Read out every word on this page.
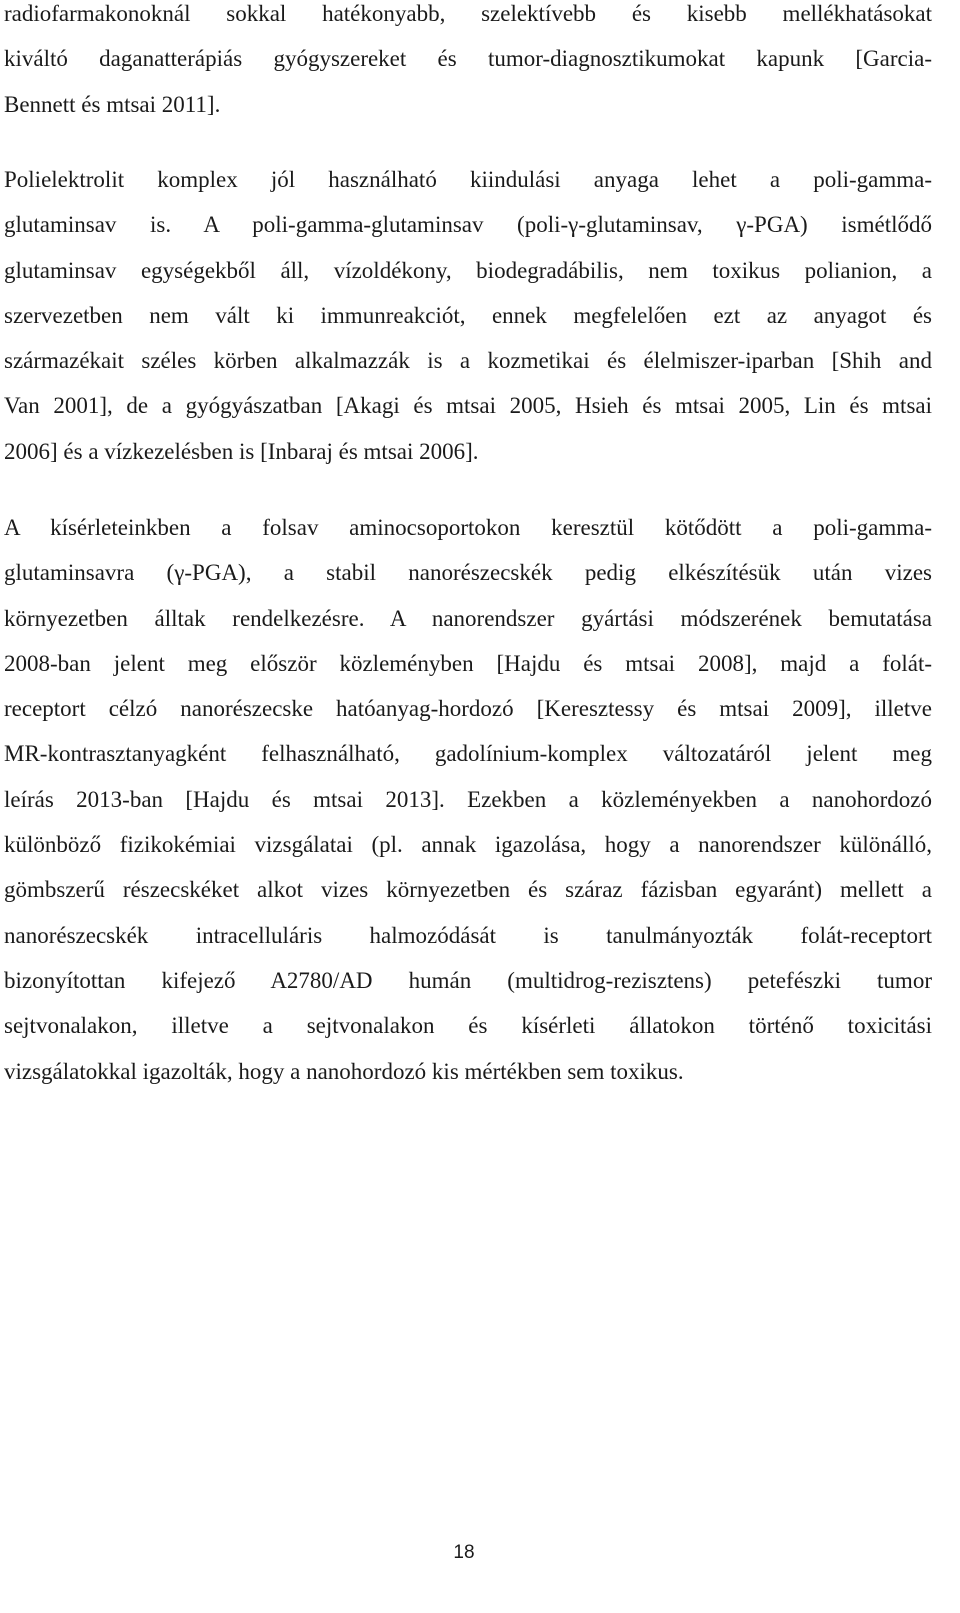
radiofarmakonoknál sokkal hatékonyabb, szelektívebb és kisebb mellékhatásokat
kiváltó daganatterápiás gyógyszereket és tumor-diagnosztikumokat kapunk [Garcia-
Bennett és mtsai 2011].
Polielektrolit komplex jól használható kiindulási anyaga lehet a poli-gamma-
glutaminsav is. A poli-gamma-glutaminsav (poli-γ-glutaminsav, γ-PGA) ismétlődő
glutaminsav egységekből áll, vízoldékony, biodegradábilis, nem toxikus polianion, a
szervezetben nem vált ki immunreakciót, ennek megfelelően ezt az anyagot és
származékait széles körben alkalmazzák is a kozmetikai és élelmiszer-iparban [Shih and
Van 2001], de a gyógyászatban [Akagi és mtsai 2005, Hsieh és mtsai 2005, Lin és mtsai
2006] és a vízkezelésben is [Inbaraj és mtsai 2006].
A kísérleteinkben a folsav aminocsoportokon keresztül kötődött a poli-gamma-
glutaminsavra (γ-PGA), a stabil nanorészecskék pedig elkészítésük után vizes
környezetben álltak rendelkezésre. A nanorendszer gyártási módszerének bemutatása
2008-ban jelent meg először közleményben [Hajdu és mtsai 2008], majd a folát-
receptort célzó nanorészecske hatóanyag-hordozó [Keresztessy és mtsai 2009], illetve
MR-kontrasztanyagként felhasználható, gadolínium-komplex változatáról jelent meg
leírás 2013-ban [Hajdu és mtsai 2013]. Ezekben a közleményekben a nanohordozó
különböző fizikokémiai vizsgálatai (pl. annak igazolása, hogy a nanorendszer különálló,
gömbszerű részecskéket alkot vizes környezetben és száraz fázisban egyaránt) mellett a
nanorészecskék intracelluláris halmozódását is tanulmányozták folát-receptort
bizonyítottan kifejező A2780/AD humán (multidrog-rezisztens) petefészki tumor
sejtvonalakon, illetve a sejtvonalakon és kísérleti állatokon történő toxicitási
vizsgálatokkal igazolták, hogy a nanohordozó kis mértékben sem toxikus.
18
